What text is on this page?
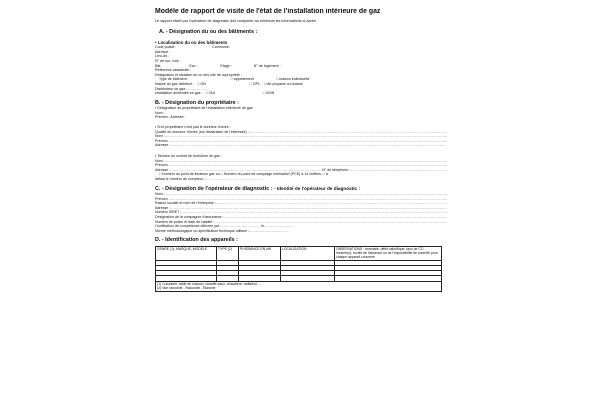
Modèle de rapport de visite de l'état de l'installation intérieure de gaz
Le rapport établi par l'opérateur de diagnostic doit comporter au minimum les informations ci-après.
A. - Désignation du ou des bâtiments :
• Localisation du ou des bâtiments
Code postal :	Commune:
Adresse :
Lieu-dit :
N° de rue, voie :
Bât.	Esc. :	Etage :	N° de logement :
Référence cadastrale :
Désignation et situation du ou des lots de copropriété :
Type de bâtiment :	□ appartement	□ maison individuelle
Nature du gaz distribué : □ GN	□ GPL □ Air propané ou butané
Distributeur de gaz :
.....
Installation alimentée en gaz : □ OUI	□ NON
B. - Désignation du propriétaire :
• Désignation du propriétaire de l'installation intérieure de gaz
Nom :
Prénom.. Adresse:
• Si le propriétaire n'est pas le donneur d'ordre :
Qualité du donneur d'ordre (sur déclaration de l'intéressé) :
.....
Nom :
.....
Prénom :
.....
Adresse :
.....
• Titulaire du contrat de fourniture de gaz :
Nom :
.....
Prénom :
.....
Adresse : .....	N° de téléphone :
.....
□ Numéro du point de livraison gaz ou □ Numéro du point de comptage estimation (PCE) à 14 chiffres, □ à
défaut le numéro de compteur :
.....
C. - Désignation de l'opérateur de diagnostic : - Identité de l'opérateur de diagnostic :
Nom :
.....
Prénom :
.....
Raison sociale et nom de l'entreprise :
.....
Adresse :
.....
Numéro SIRET :
.....
Désignation de la compagnie d'assurance :
.....
Numéro de police et date de validité :
.....
Certification de compétence délivrée par : .....	, le
.....
Norme méthodologique ou spécification technique utilisée :
.....
D. - Identification des appareils :
GENRE (1), MARQUE, MODELE	TYPE (2)	PUISSANCE EN kW	LOCALISATION	OBSERVATIONS : anomalie, débit calorifique, taux de CO mesuré(s), motifs de l'absence ou de l'impossibilité de contrôle pour chaque appareil concerné

(1) Cuisinière, table de cuisson, chauffe-eaux, chaudière, radiateur, ...
(2) Non raccordé - Raccordé - Etanche				
